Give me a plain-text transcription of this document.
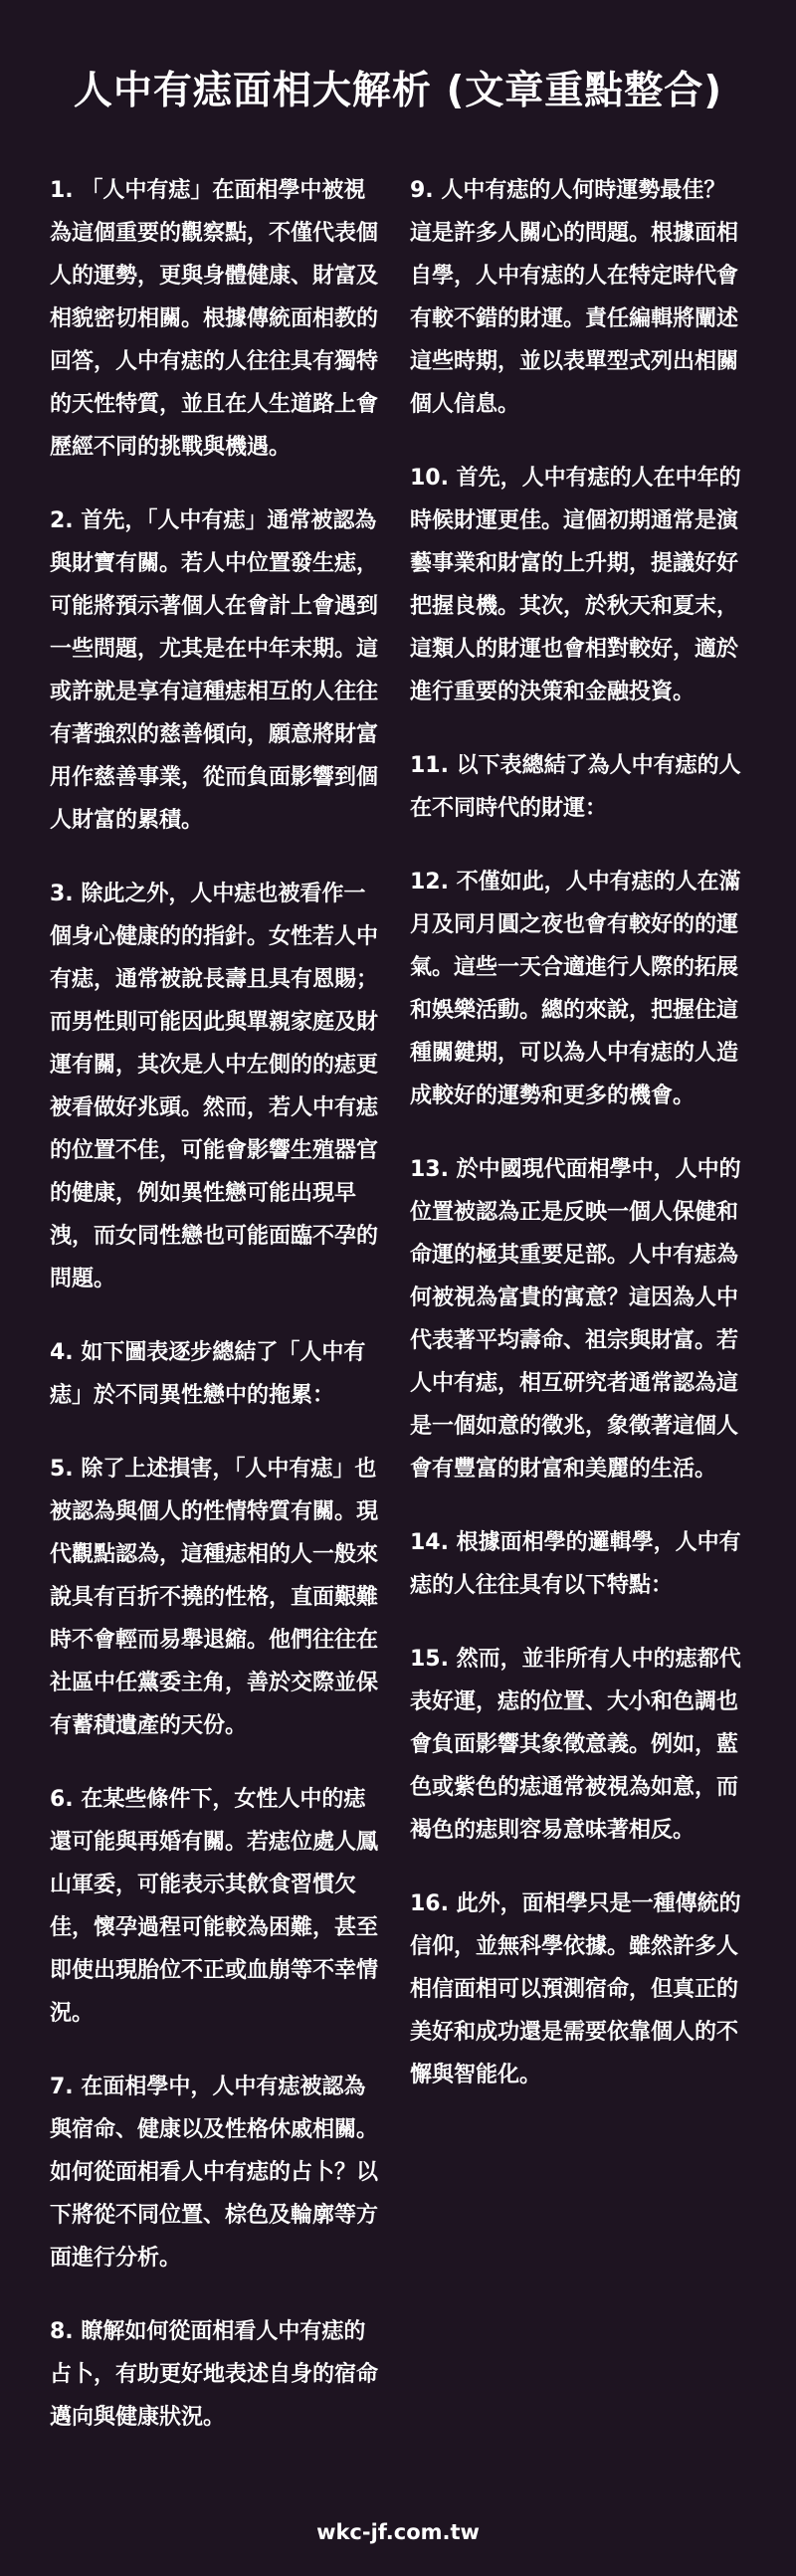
人中有痣面相大解析 (文章重點整合)

1. 「人中有痣」在面相學中被視為這個重要的觀察點，不僅代表個人的運勢，更與身體健康、財富及相貌密切相關。根據傳統面相教的回答，人中有痣的人往往具有獨特的天性特質，並且在人生道路上會歷經不同的挑戰與機遇。

2. 首先，「人中有痣」通常被認為與財寶有關。若人中位置發生痣，可能將預示著個人在會計上會遇到一些問題，尤其是在中年末期。這或許就是享有這種痣相互的人往往有著強烈的慈善傾向，願意將財富用作慈善事業，從而負面影響到個人財富的累積。

3. 除此之外，人中痣也被看作一個身心健康的的指針。女性若人中有痣，通常被說長壽且具有恩賜；而男性則可能因此與單親家庭及財運有關，其次是人中左側的的痣更被看做好兆頭。然而，若人中有痣的位置不佳，可能會影響生殖器官的健康，例如異性戀可能出現早洩，而女同性戀也可能面臨不孕的問題。

4. 如下圖表逐步總結了「人中有痣」於不同異性戀中的拖累：

5. 除了上述損害，「人中有痣」也被認為與個人的性情特質有關。現代觀點認為，這種痣相的人一般來說具有百折不撓的性格，直面艱難時不會輕而易舉退縮。他們往往在社區中任黨委主角，善於交際並保有蓄積遺產的天份。

6. 在某些條件下，女性人中的痣還可能與再婚有關。若痣位處人鳳山軍委，可能表示其飲食習慣欠佳，懷孕過程可能較為困難，甚至即使出現胎位不正或血崩等不幸情況。

7. 在面相學中，人中有痣被認為與宿命、健康以及性格休戚相關。如何從面相看人中有痣的占卜？以下將從不同位置、棕色及輪廓等方面進行分析。

8. 瞭解如何從面相看人中有痣的占卜，有助更好地表述自身的宿命邁向與健康狀況。

9. 人中有痣的人何時運勢最佳？這是許多人關心的問題。根據面相自學，人中有痣的人在特定時代會有較不錯的財運。責任編輯將闡述這些時期，並以表單型式列出相關個人信息。

10. 首先，人中有痣的人在中年的時候財運更佳。這個初期通常是演藝事業和財富的上升期，提議好好把握良機。其次，於秋天和夏末，這類人的財運也會相對較好，適於進行重要的決策和金融投資。

11. 以下表總結了為人中有痣的人在不同時代的財運：

12. 不僅如此，人中有痣的人在滿月及同月圓之夜也會有較好的的運氣。這些一天合適進行人際的拓展和娛樂活動。總的來說，把握住這種關鍵期，可以為人中有痣的人造成較好的運勢和更多的機會。

13. 於中國現代面相學中，人中的位置被認為正是反映一個人保健和命運的極其重要足部。人中有痣為何被視為富貴的寓意？這因為人中代表著平均壽命、祖宗與財富。若人中有痣，相互研究者通常認為這是一個如意的徵兆，象徵著這個人會有豐富的財富和美麗的生活。

14. 根據面相學的邏輯學，人中有痣的人往往具有以下特點：

15. 然而，並非所有人中的痣都代表好運，痣的位置、大小和色調也會負面影響其象徵意義。例如，藍色或紫色的痣通常被視為如意，而褐色的痣則容易意味著相反。

16. 此外，面相學只是一種傳統的信仰，並無科學依據。雖然許多人相信面相可以預測宿命，但真正的美好和成功還是需要依靠個人的不懈與智能化。

wkc-jf.com.tw
